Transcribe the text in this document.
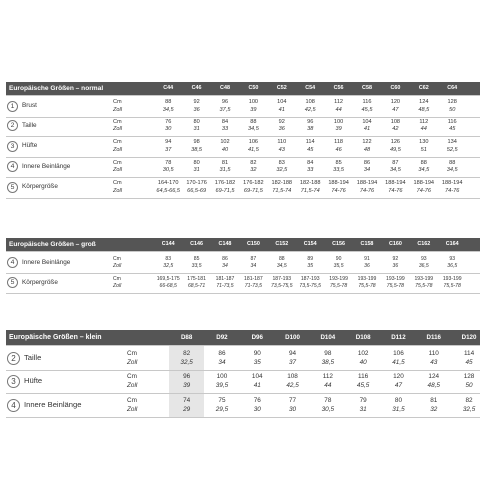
Europäische Größen – normal	C44	C46	C48	C50	C52	C54	C56	C58	C60	C62	C64
1	Brust
Cm
Zoll
88	92	96	100	104	108	112	116	120	124	128
34,5	36	37,5	39	41	42,5	44	45,5	47	48,5	50
2	Taille
Cm
Zoll
76	80	84	88	92	96	100	104	108	112	116
30	31	33	34,5	36	38	39	41	42	44	45
3	Hüfte
Cm
Zoll
94	98	102	106	110	114	118	122	126	130	134
37	38,5	40	41,5	43	45	46	48	49,5	51	52,5
4	Innere Beinlänge
Cm
Zoll
78	80	81	82	83	84	85	86	87	88	88
30,5	31	31,5	32	32,5	33	33,5	34	34,5	34,5	34,5
5	Körpergröße
Cm
Zoll
164-170	170-176	176-182	176-182	182-188	182-188	188-194	188-194	188-194	188-194	188-194
64,5-66,5	66,5-69	69-71,5	69-71,5	71,5-74	71,5-74	74-76	74-76	74-76	74-76	74-76
Europäische Größen – groß	C144	C146	C148	C150	C152	C154	C156	C158	C160	C162	C164
4	Innere Beinlänge	Cm
Zoll
83	85	86	87	88	89	90	91	92	93	93
32,5	33,5	34	34	34,5	35	35,5	36	36	36,5	36,5
5	Körpergröße	Cm
Zoll
169,5-175	175-181	181-187	181-187	187-193	187-193	193-199	193-199	193-199	193-199	193-199
66-68,5	68,5-71	71-73,5	71-73,5	73,5-75,5	73,5-75,5	75,5-78	75,5-78	75,5-78	75,5-78	75,5-78
Europäische Größen – klein	D88	D92	D96	D100	D104	D108	D112	D116	D120
2	Taille	Cm
Zoll
82	86	90	94	98	102	106	110	114
32,5	34	35	37	38,5	40	41,5	43	45
3	Hüfte	Cm
Zoll
96	100	104	108	112	116	120	124	128
39	39,5	41	42,5	44	45,5	47	48,5	50
4	Innere Beinlänge	Cm
Zoll
74	75	76	77	78	79	80	81	82
29	29,5	30	30	30,5	31	31,5	32	32,5
